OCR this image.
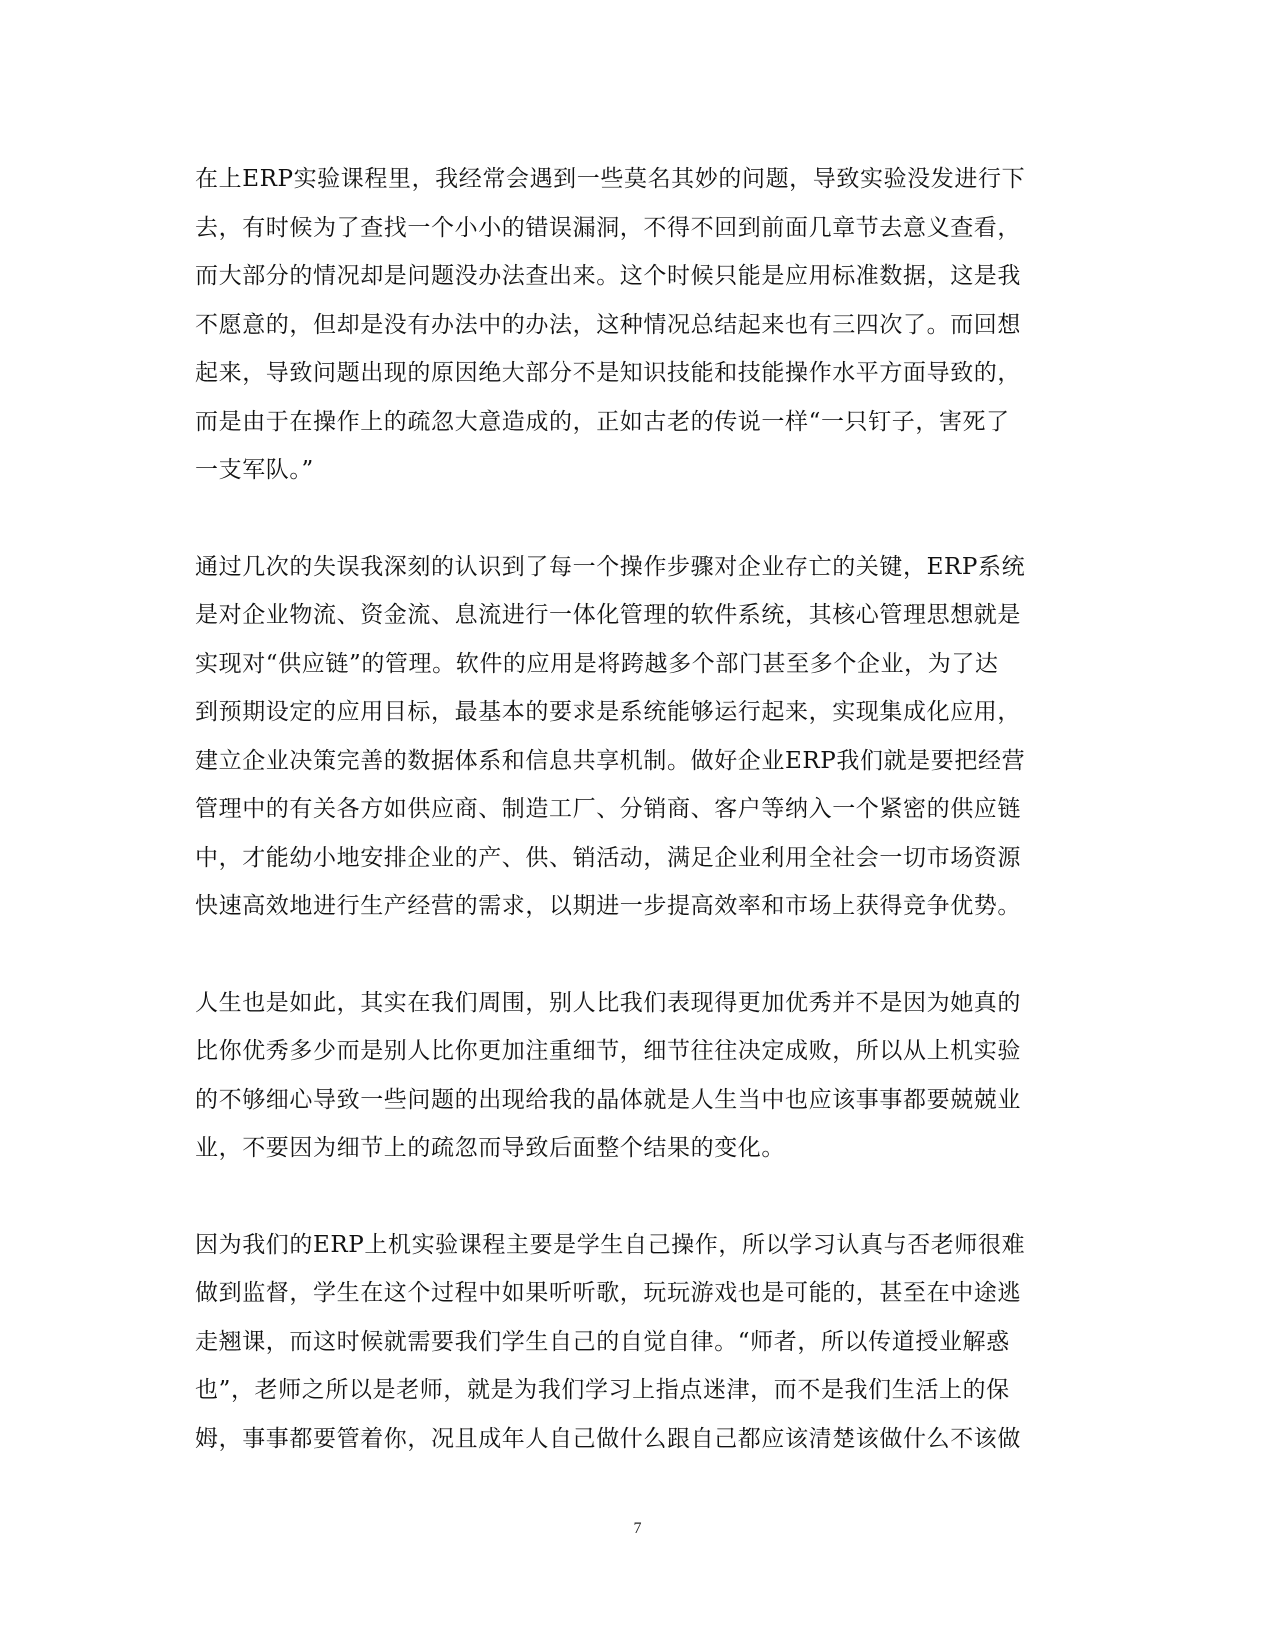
在上ERP实验课程里，我经常会遇到一些莫名其妙的问题，导致实验没发进行下
去，有时候为了查找一个小小的错误漏洞，不得不回到前面几章节去意义查看，
而大部分的情况却是问题没办法查出来。这个时候只能是应用标准数据，这是我
不愿意的，但却是没有办法中的办法，这种情况总结起来也有三四次了。而回想
起来，导致问题出现的原因绝大部分不是知识技能和技能操作水平方面导致的，
而是由于在操作上的疏忽大意造成的，正如古老的传说一样“一只钉子，害死了
一支军队。”

通过几次的失误我深刻的认识到了每一个操作步骤对企业存亡的关键，ERP系统
是对企业物流、资金流、息流进行一体化管理的软件系统，其核心管理思想就是
实现对“供应链”的管理。软件的应用是将跨越多个部门甚至多个企业，为了达
到预期设定的应用目标，最基本的要求是系统能够运行起来，实现集成化应用，
建立企业决策完善的数据体系和信息共享机制。做好企业ERP我们就是要把经营
管理中的有关各方如供应商、制造工厂、分销商、客户等纳入一个紧密的供应链
中，才能幼小地安排企业的产、供、销活动，满足企业利用全社会一切市场资源
快速高效地进行生产经营的需求，以期进一步提高效率和市场上获得竞争优势。

人生也是如此，其实在我们周围，别人比我们表现得更加优秀并不是因为她真的
比你优秀多少而是别人比你更加注重细节，细节往往决定成败，所以从上机实验
的不够细心导致一些问题的出现给我的晶体就是人生当中也应该事事都要兢兢业
业，不要因为细节上的疏忽而导致后面整个结果的变化。

因为我们的ERP上机实验课程主要是学生自己操作，所以学习认真与否老师很难
做到监督，学生在这个过程中如果听听歌，玩玩游戏也是可能的，甚至在中途逃
走翘课，而这时候就需要我们学生自己的自觉自律。“师者，所以传道授业解惑
也”，老师之所以是老师，就是为我们学习上指点迷津，而不是我们生活上的保
姆，事事都要管着你，况且成年人自己做什么跟自己都应该清楚该做什么不该做

7
